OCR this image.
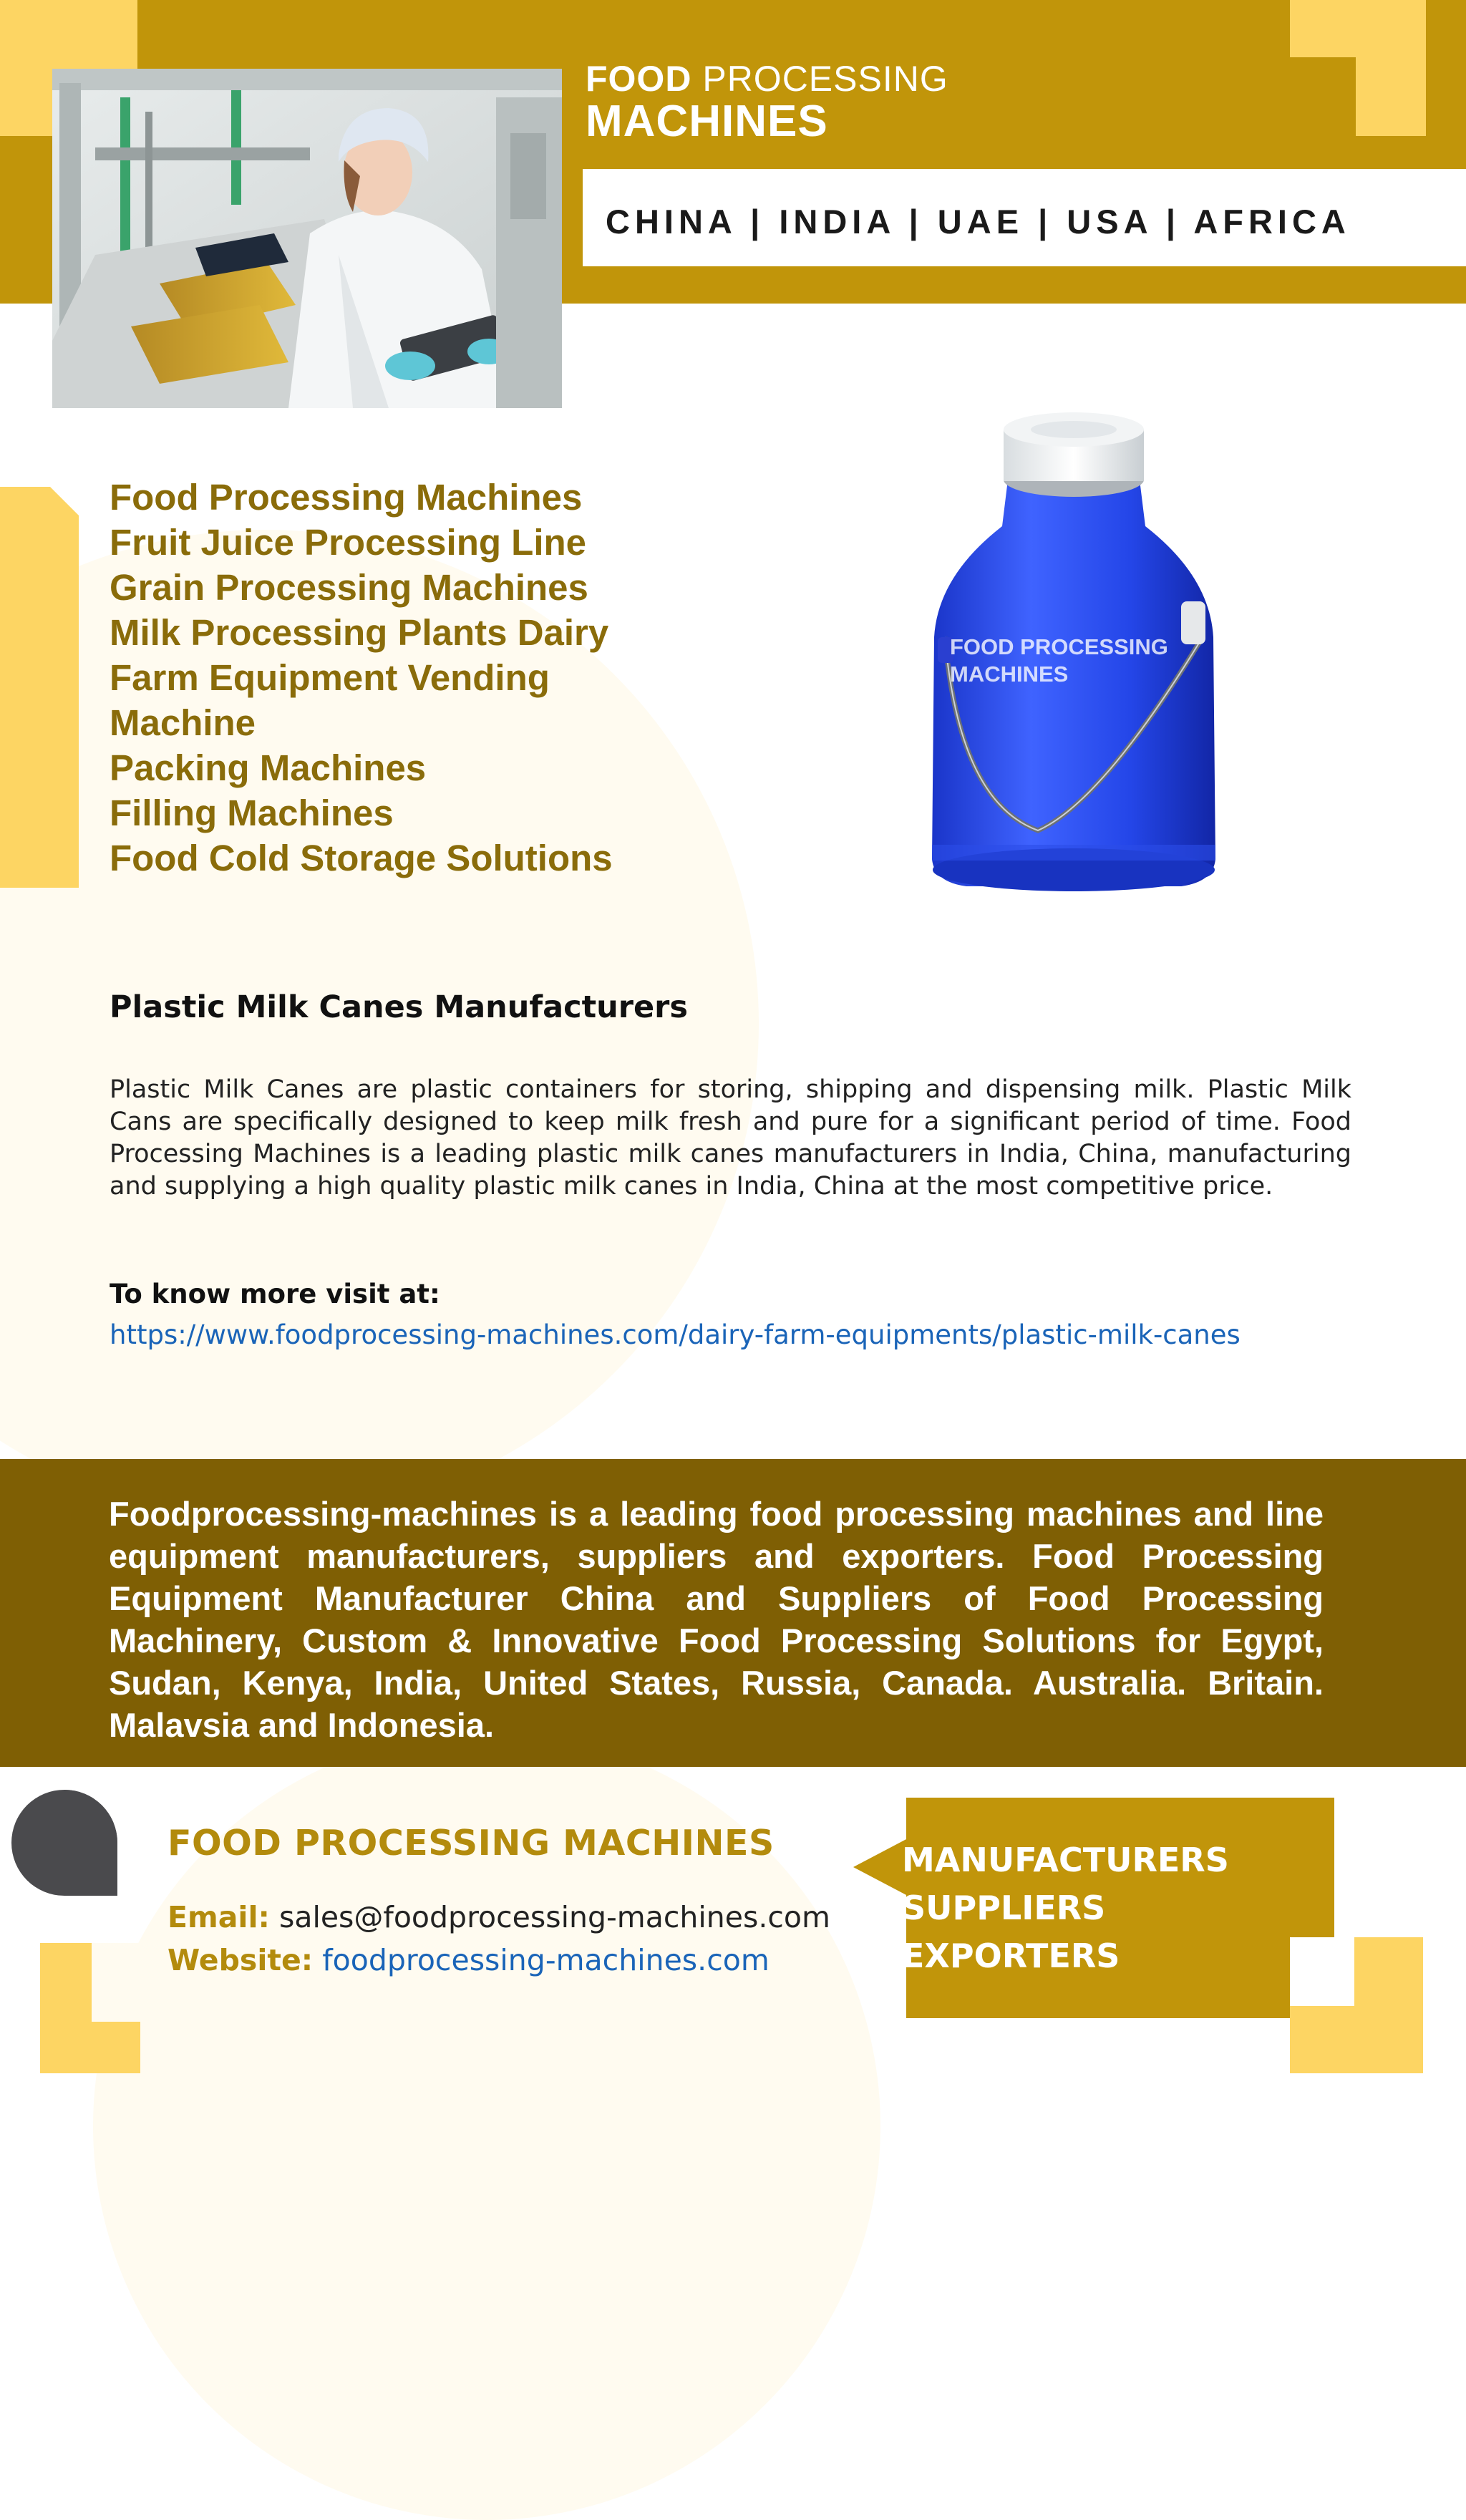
FOOD PROCESSING
MACHINES
CHINA | INDIA | UAE | USA | AFRICA
Food Processing Machines
Fruit Juice Processing Line
Grain Processing Machines
Milk Processing Plants Dairy
Farm Equipment Vending
Machine
Packing Machines
Filling Machines
Food Cold Storage Solutions
FOOD PROCESSING
MACHINES
Plastic Milk Canes Manufacturers
Plastic Milk Canes are plastic containers for storing, shipping and dispensing milk. Plastic Milk Cans are specifically designed to keep milk fresh and pure for a significant period of time. Food Processing Machines is a leading plastic milk canes manufacturers in India, China, manufacturing and supplying a high quality plastic milk canes in India, China at the most competitive price.
To know more visit at:
https://www.foodprocessing-machines.com/dairy-farm-equipments/plastic-milk-canes
Foodprocessing-machines is a leading food processing machines and line equipment manufacturers, suppliers and exporters. Food Processing Equipment Manufacturer China and Suppliers of Food Processing Machinery, Custom & Innovative Food Processing Solutions for Egypt, Sudan, Kenya, India, United States, Russia, Canada. Australia. Britain. Malavsia and Indonesia.
FOOD PROCESSING MACHINES
Email: sales@foodprocessing-machines.com
Website: foodprocessing-machines.com
MANUFACTURERS
SUPPLIERS
EXPORTERS
